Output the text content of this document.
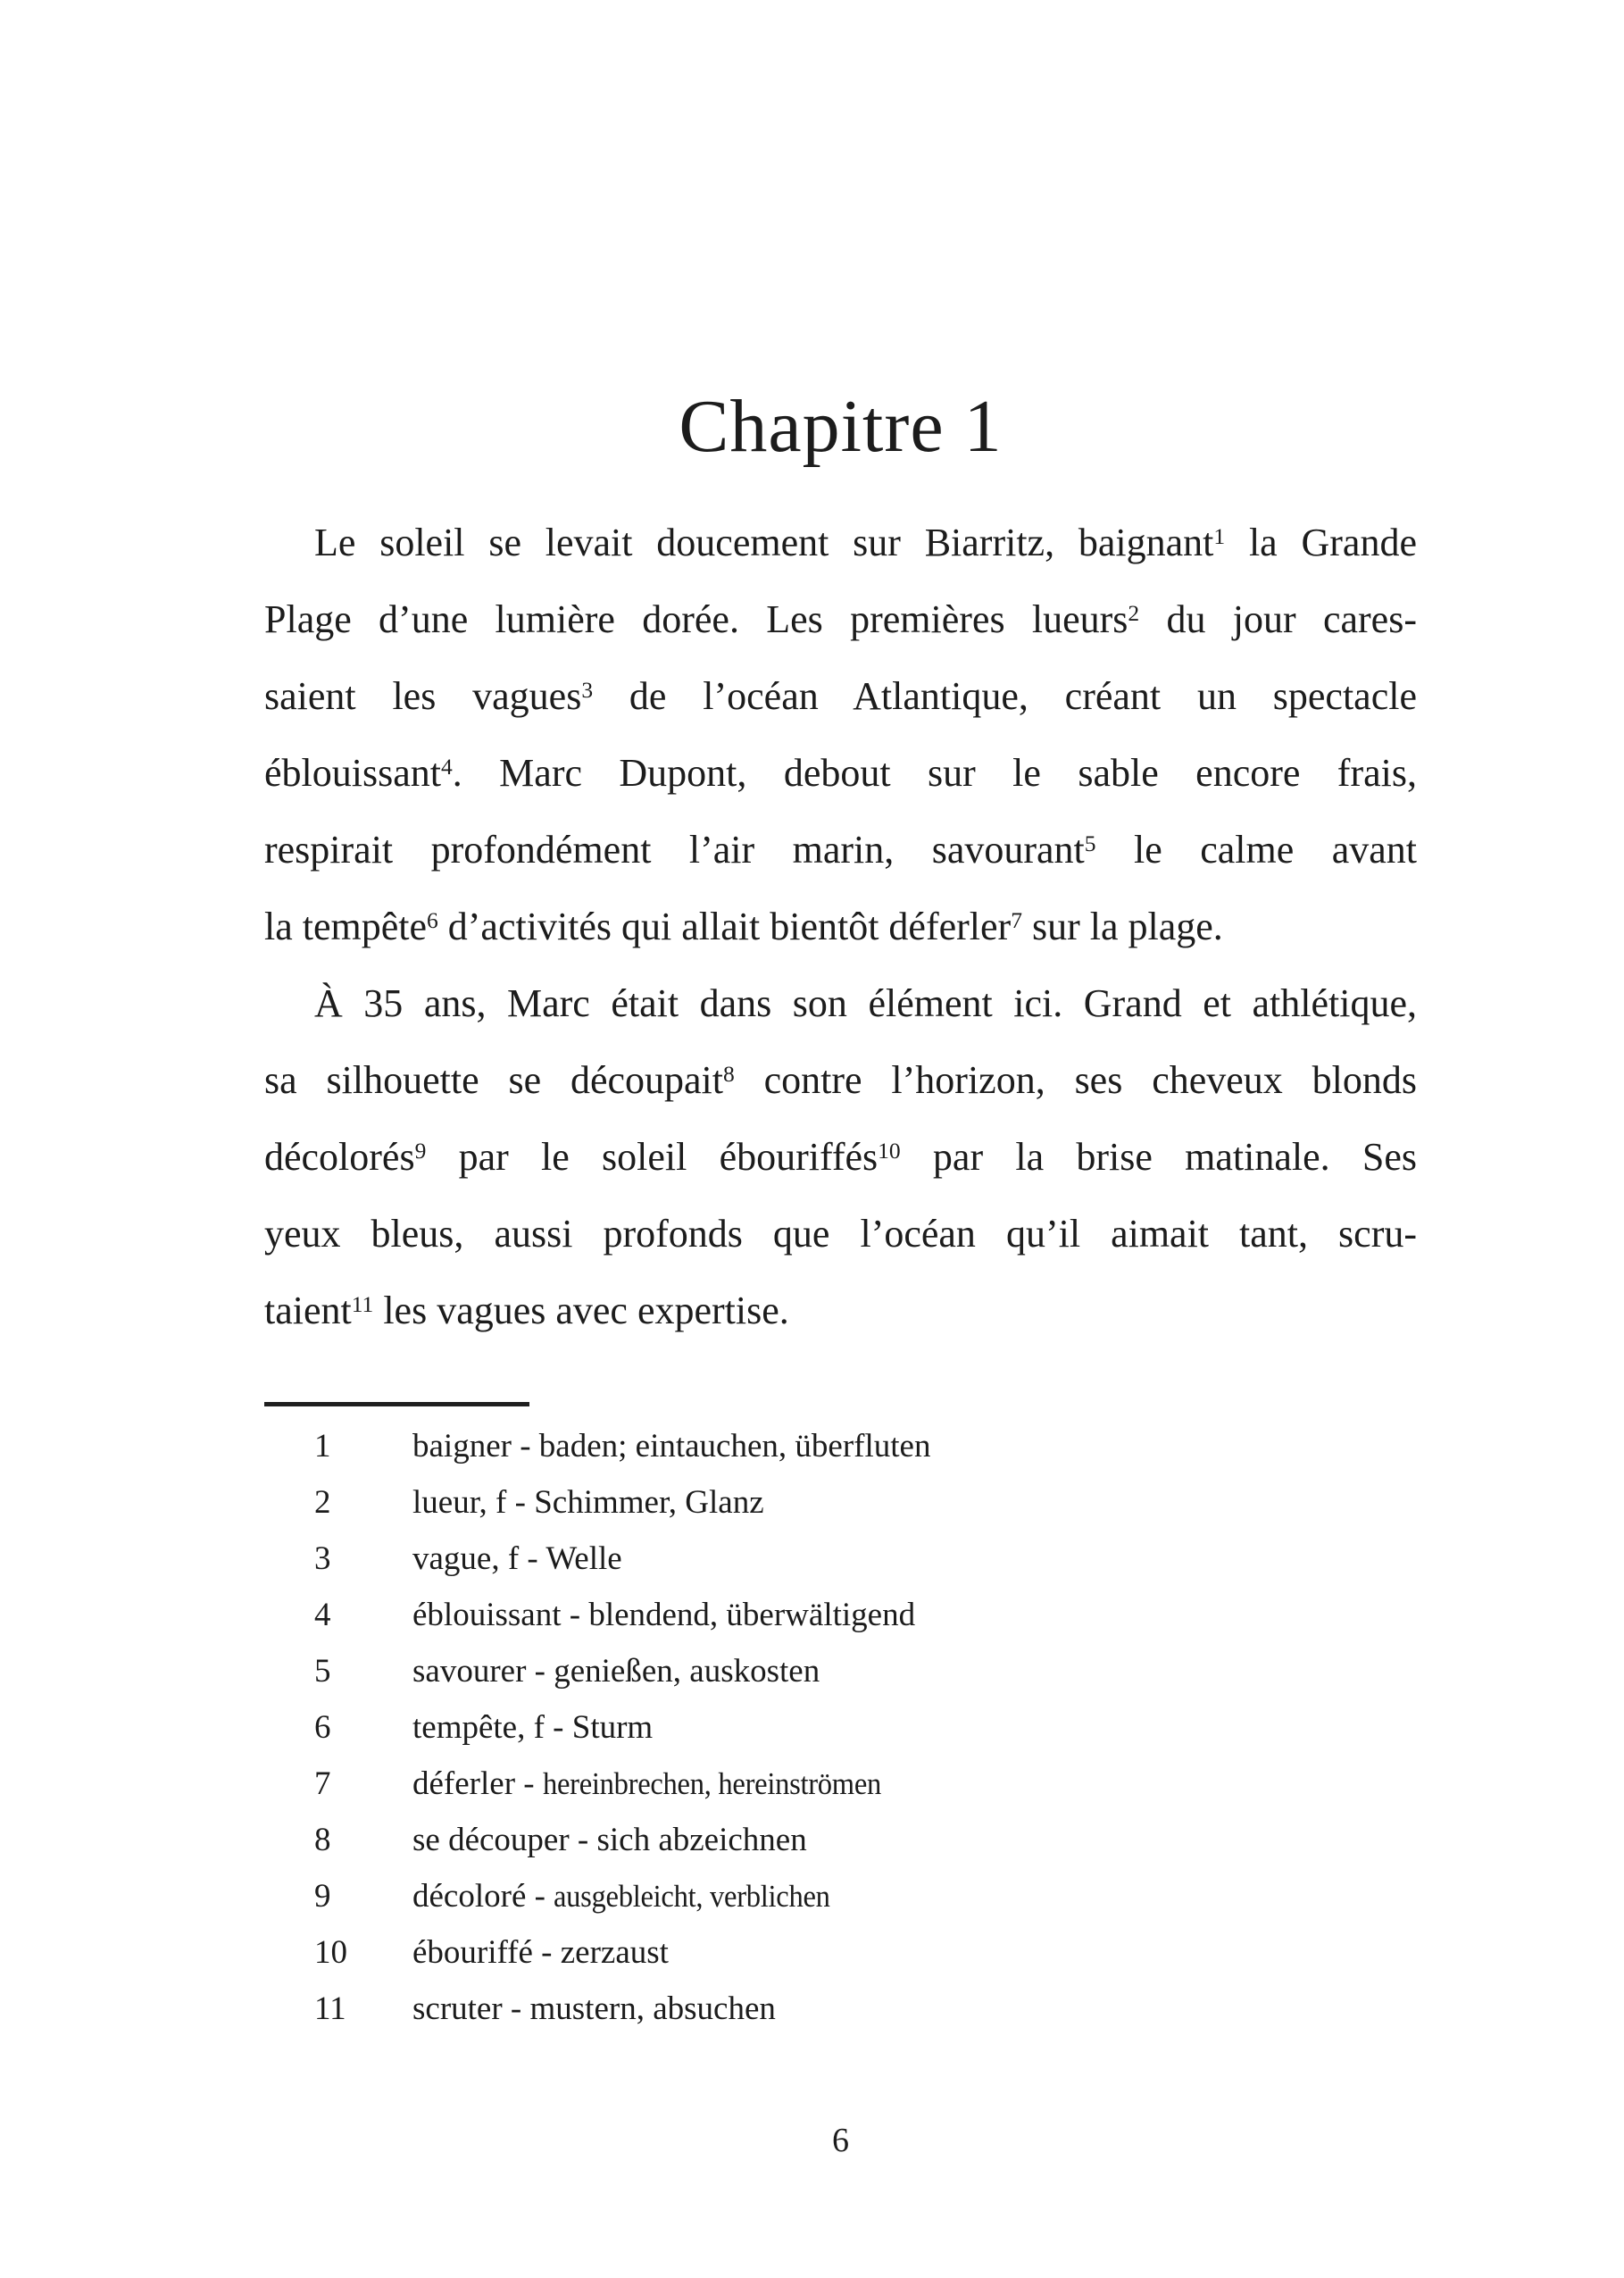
Chapitre 1
Le soleil se levait doucement sur Biarritz, baignant$^1$ la Grande
Plage d’une lumière dorée. Les premières lueurs$^2$ du jour cares-
saient les vagues$^3$ de l’océan Atlantique, créant un spectacle
éblouissant$^4$. Marc Dupont, debout sur le sable encore frais,
respirait profondément l’air marin, savourant$^5$ le calme avant
la tempête$^6$ d’activités qui allait bientôt déferler$^7$ sur la plage.
À 35 ans, Marc était dans son élément ici. Grand et athlétique,
sa silhouette se découpait$^8$ contre l’horizon, ses cheveux blonds
décolorés$^9$ par le soleil ébouriffés$^{10}$ par la brise matinale. Ses
yeux bleus, aussi profonds que l’océan qu’il aimait tant, scru-
taient$^{11}$ les vagues avec expertise.
1	baigner - baden; eintauchen, überfluten
2	lueur, f - Schimmer, Glanz
3	vague, f - Welle
4	éblouissant - blendend, überwältigend
5	savourer - genießen, auskosten
6	tempête, f - Sturm
7	déferler - hereinbrechen, hereinströmen
8	se découper - sich abzeichnen
9	décoloré - ausgebleicht, verblichen
10	ébouriffé - zerzaust
11	scruter - mustern, absuchen
6
